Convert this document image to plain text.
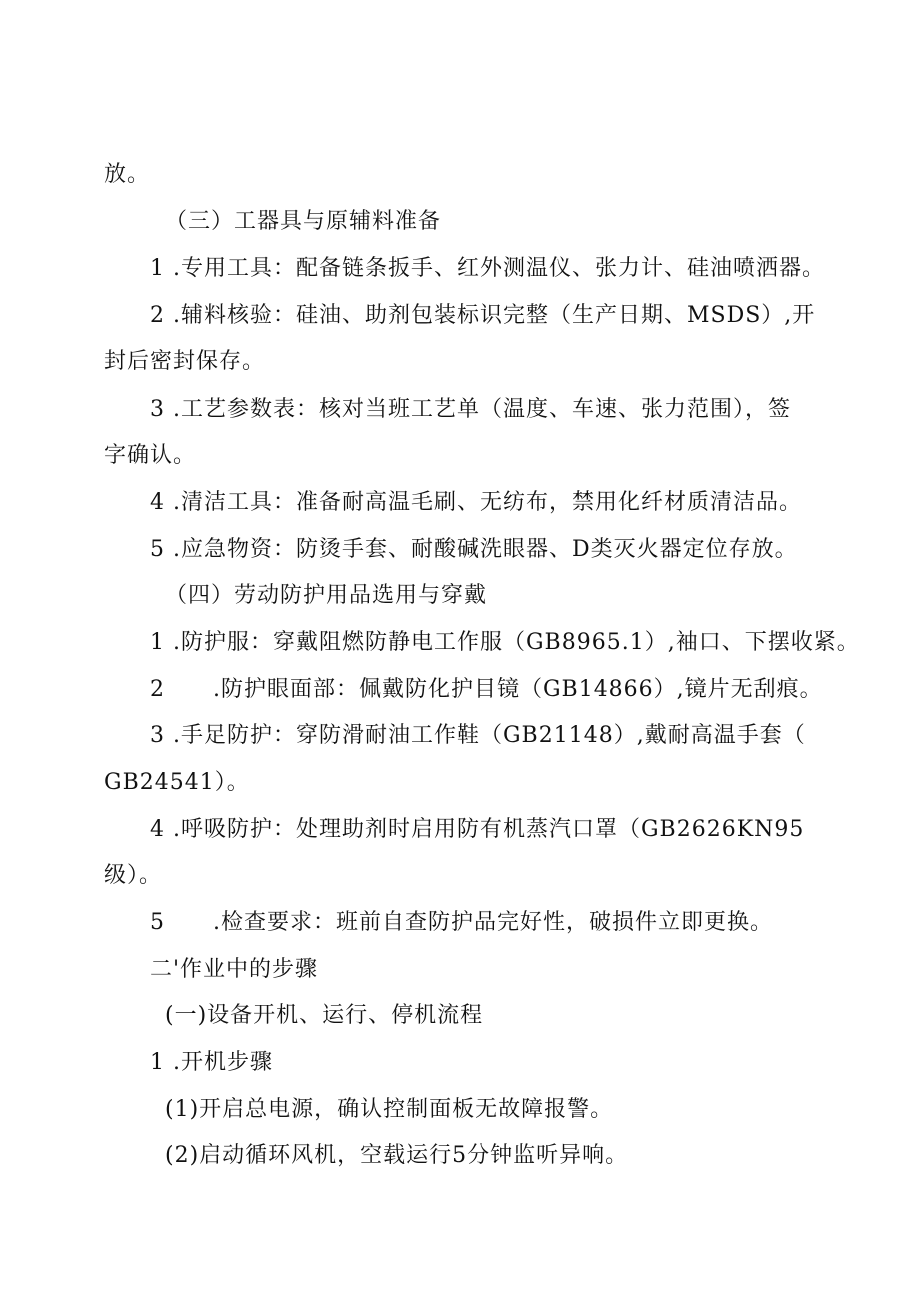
放。
（三）工器具与原辅料准备
1 .专用工具：配备链条扳手、红外测温仪、张力计、硅油喷洒器。
2 .辅料核验：硅油、助剂包装标识完整（生产日期、MSDS）,开
封后密封保存。
3 .工艺参数表：核对当班工艺单（温度、车速、张力范围），签
字确认。
4 .清洁工具：准备耐高温毛刷、无纺布，禁用化纤材质清洁品。
5 .应急物资：防烫手套、耐酸碱洗眼器、D类灭火器定位存放。
（四）劳动防护用品选用与穿戴
1 .防护服：穿戴阻燃防静电工作服（GB8965.1）,袖口、下摆收紧。
2      .防护眼面部：佩戴防化护目镜（GB14866）,镜片无刮痕。
3 .手足防护：穿防滑耐油工作鞋（GB21148）,戴耐高温手套（
GB24541）。
4 .呼吸防护：处理助剂时启用防有机蒸汽口罩（GB2626KN95
级）。
5      .检查要求：班前自查防护品完好性，破损件立即更换。
二'作业中的步骤
(一)设备开机、运行、停机流程
1 .开机步骤
(1)开启总电源，确认控制面板无故障报警。
(2)启动循环风机，空载运行5分钟监听异响。
